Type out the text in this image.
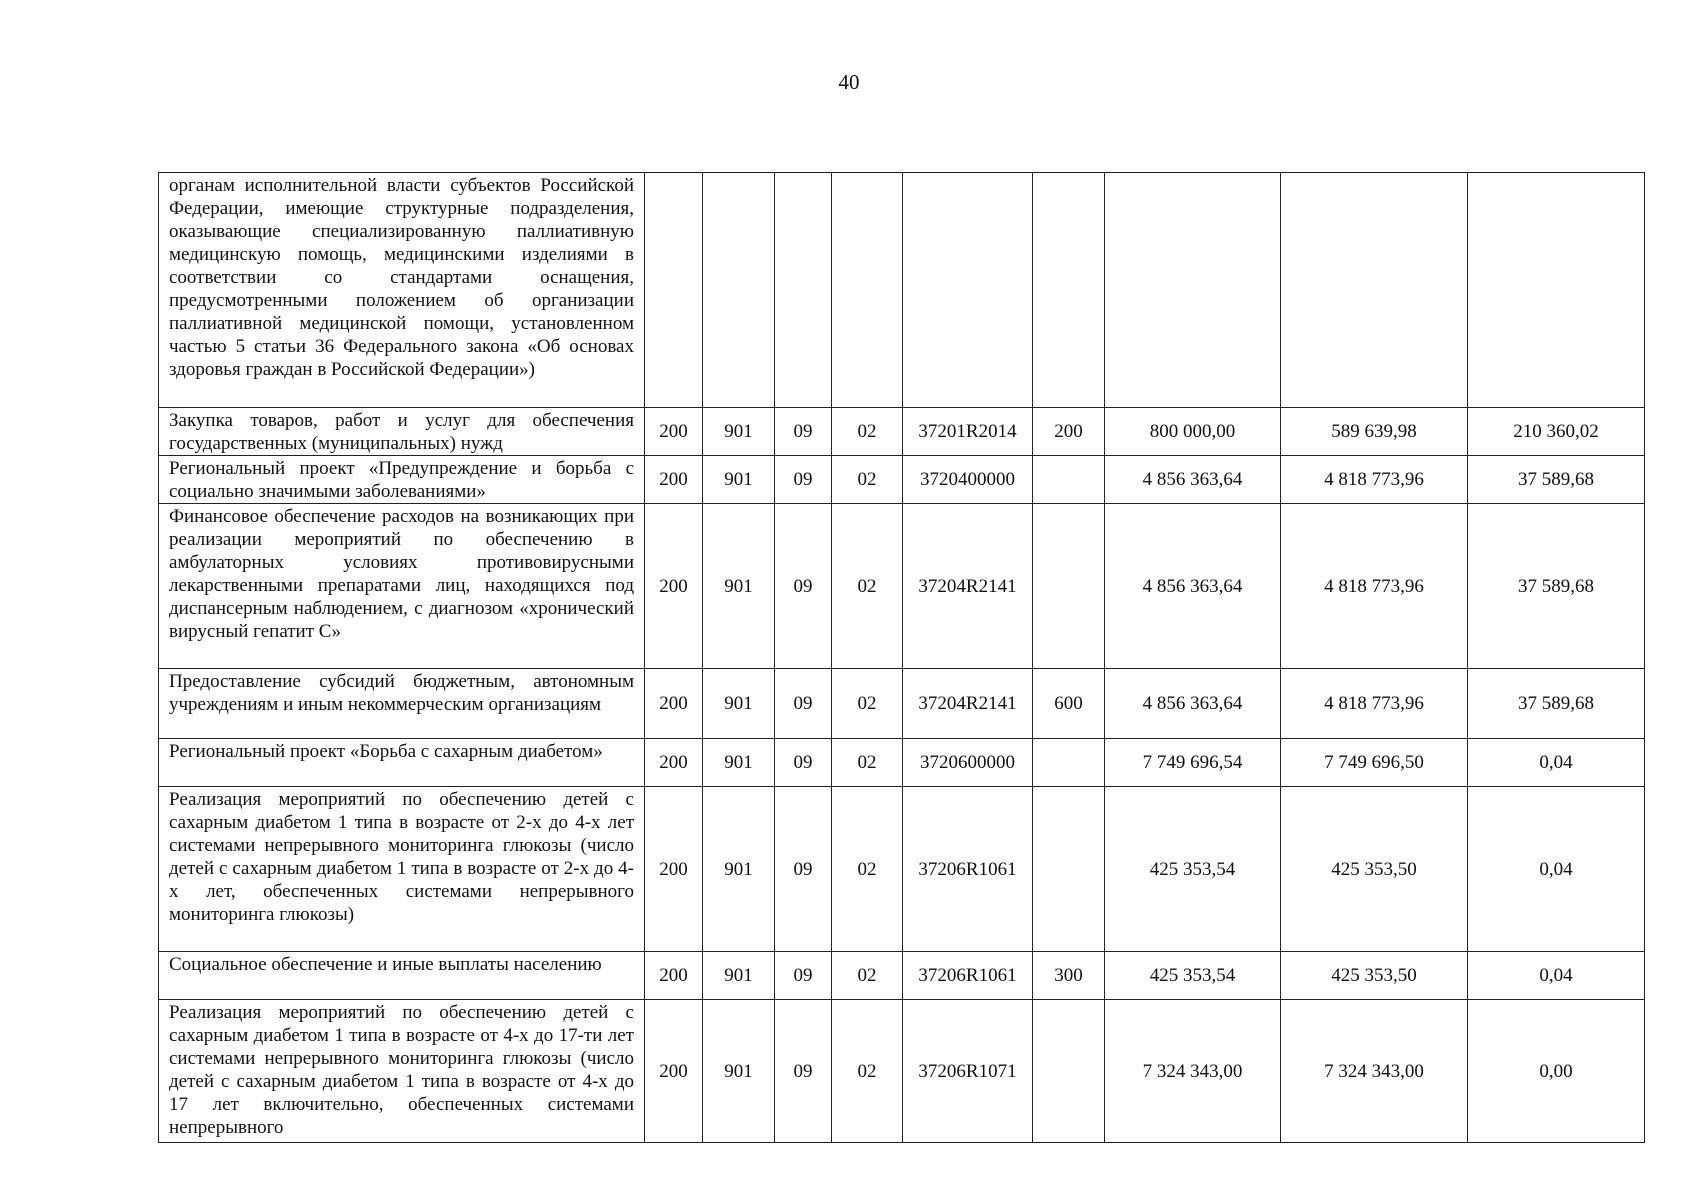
40
органам исполнительной власти субъектов Российской Федерации, имеющие структурные подразделения, оказывающие специализированную паллиативную медицинскую помощь, медицинскими изделиями в соответствии со стандартами оснащения, предусмотренными положением об организации паллиативной медицинской помощи, установленном частью 5 статьи 36 Федерального закона «Об основах здоровья граждан в Российской Федерации»)									
Закупка товаров, работ и услуг для обеспечения государственных (муниципальных) нужд	200	901	09	02	37201R2014	200	800 000,00	589 639,98	210 360,02
Региональный проект «Предупреждение и борьба с социально значимыми заболеваниями»	200	901	09	02	3720400000		4 856 363,64	4 818 773,96	37 589,68
Финансовое обеспечение расходов на возникающих при реализации мероприятий по обеспечению в амбулаторных условиях противовирусными лекарственными препаратами лиц, находящихся под диспансерным наблюдением, с диагнозом «хронический вирусный гепатит С»	200	901	09	02	37204R2141		4 856 363,64	4 818 773,96	37 589,68
Предоставление субсидий бюджетным, автономным учреждениям и иным некоммерческим организациям	200	901	09	02	37204R2141	600	4 856 363,64	4 818 773,96	37 589,68
Региональный проект «Борьба с сахарным диабетом»	200	901	09	02	3720600000		7 749 696,54	7 749 696,50	0,04
Реализация мероприятий по обеспечению детей с сахарным диабетом 1 типа в возрасте от 2-х до 4-х лет системами непрерывного мониторинга глюкозы (число детей с сахарным диабетом 1 типа в возрасте от 2-х до 4-х лет, обеспеченных системами непрерывного мониторинга глюкозы)	200	901	09	02	37206R1061		425 353,54	425 353,50	0,04
Социальное обеспечение и иные выплаты населению	200	901	09	02	37206R1061	300	425 353,54	425 353,50	0,04
Реализация мероприятий по обеспечению детей с сахарным диабетом 1 типа в возрасте от 4-х до 17-ти лет системами непрерывного мониторинга глюкозы (число детей с сахарным диабетом 1 типа в возрасте от 4-х до 17 лет включительно, обеспеченных системами непрерывного	200	901	09	02	37206R1071		7 324 343,00	7 324 343,00	0,00
